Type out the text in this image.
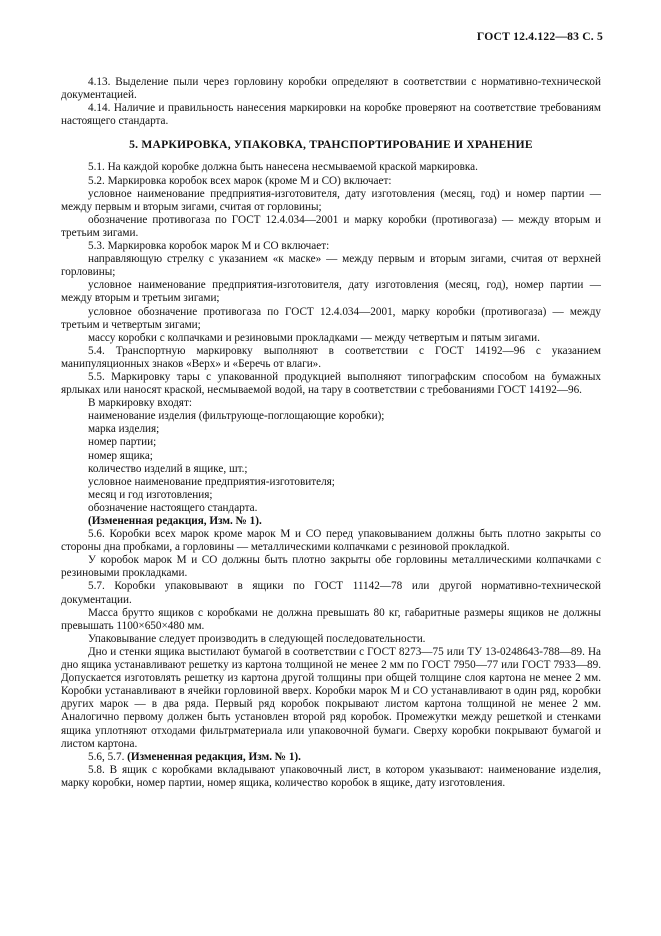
ГОСТ 12.4.122—83 С. 5

4.13. Выделение пыли через горловину коробки определяют в соответствии с нормативно-технической документацией.

4.14. Наличие и правильность нанесения маркировки на коробке проверяют на соответствие требованиям настоящего стандарта.

5. МАРКИРОВКА, УПАКОВКА, ТРАНСПОРТИРОВАНИЕ И ХРАНЕНИЕ

5.1. На каждой коробке должна быть нанесена несмываемой краской маркировка.

5.2. Маркировка коробок всех марок (кроме М и СО) включает:

условное наименование предприятия-изготовителя, дату изготовления (месяц, год) и номер партии — между первым и вторым зигами, считая от горловины;

обозначение противогаза по ГОСТ 12.4.034—2001 и марку коробки (противогаза) — между вторым и третьим зигами.

5.3. Маркировка коробок марок М и СО включает:

направляющую стрелку с указанием «к маске» — между первым и вторым зигами, считая от верхней горловины;

условное наименование предприятия-изготовителя, дату изготовления (месяц, год), номер партии — между вторым и третьим зигами;

условное обозначение противогаза по ГОСТ 12.4.034—2001, марку коробки (противогаза) — между третьим и четвертым зигами;

массу коробки с колпачками и резиновыми прокладками — между четвертым и пятым зигами.

5.4. Транспортную маркировку выполняют в соответствии с ГОСТ 14192—96 с указанием манипуляционных знаков «Верх» и «Беречь от влаги».

5.5. Маркировку тары с упакованной продукцией выполняют типографским способом на бумажных ярлыках или наносят краской, несмываемой водой, на тару в соответствии с требованиями ГОСТ 14192—96.

В маркировку входят:

наименование изделия (фильтрующе-поглощающие коробки);

марка изделия;

номер партии;

номер ящика;

количество изделий в ящике, шт.;

условное наименование предприятия-изготовителя;

месяц и год изготовления;

обозначение настоящего стандарта.

(Измененная редакция, Изм. № 1).

5.6. Коробки всех марок кроме марок М и СО перед упаковыванием должны быть плотно закрыты со стороны дна пробками, а горловины — металлическими колпачками с резиновой прокладкой.

У коробок марок М и СО должны быть плотно закрыты обе горловины металлическими колпачками с резиновыми прокладками.

5.7. Коробки упаковывают в ящики по ГОСТ 11142—78 или другой нормативно-технической документации.

Масса брутто ящиков с коробками не должна превышать 80 кг, габаритные размеры ящиков не должны превышать 1100×650×480 мм.

Упаковывание следует производить в следующей последовательности.

Дно и стенки ящика выстилают бумагой в соответствии с ГОСТ 8273—75 или ТУ 13-0248643-788—89. На дно ящика устанавливают решетку из картона толщиной не менее 2 мм по ГОСТ 7950—77 или ГОСТ 7933—89. Допускается изготовлять решетку из картона другой толщины при общей толщине слоя картона не менее 2 мм. Коробки устанавливают в ячейки горловиной вверх. Коробки марок М и СО устанавливают в один ряд, коробки других марок — в два ряда. Первый ряд коробок покрывают листом картона толщиной не менее 2 мм. Аналогично первому должен быть установлен второй ряд коробок. Промежутки между решеткой и стенками ящика уплотняют отходами фильтрматериала или упаковочной бумаги. Сверху коробки покрывают бумагой и листом картона.

5.6, 5.7. (Измененная редакция, Изм. № 1).

5.8. В ящик с коробками вкладывают упаковочный лист, в котором указывают: наименование изделия, марку коробки, номер партии, номер ящика, количество коробок в ящике, дату изготовления.
